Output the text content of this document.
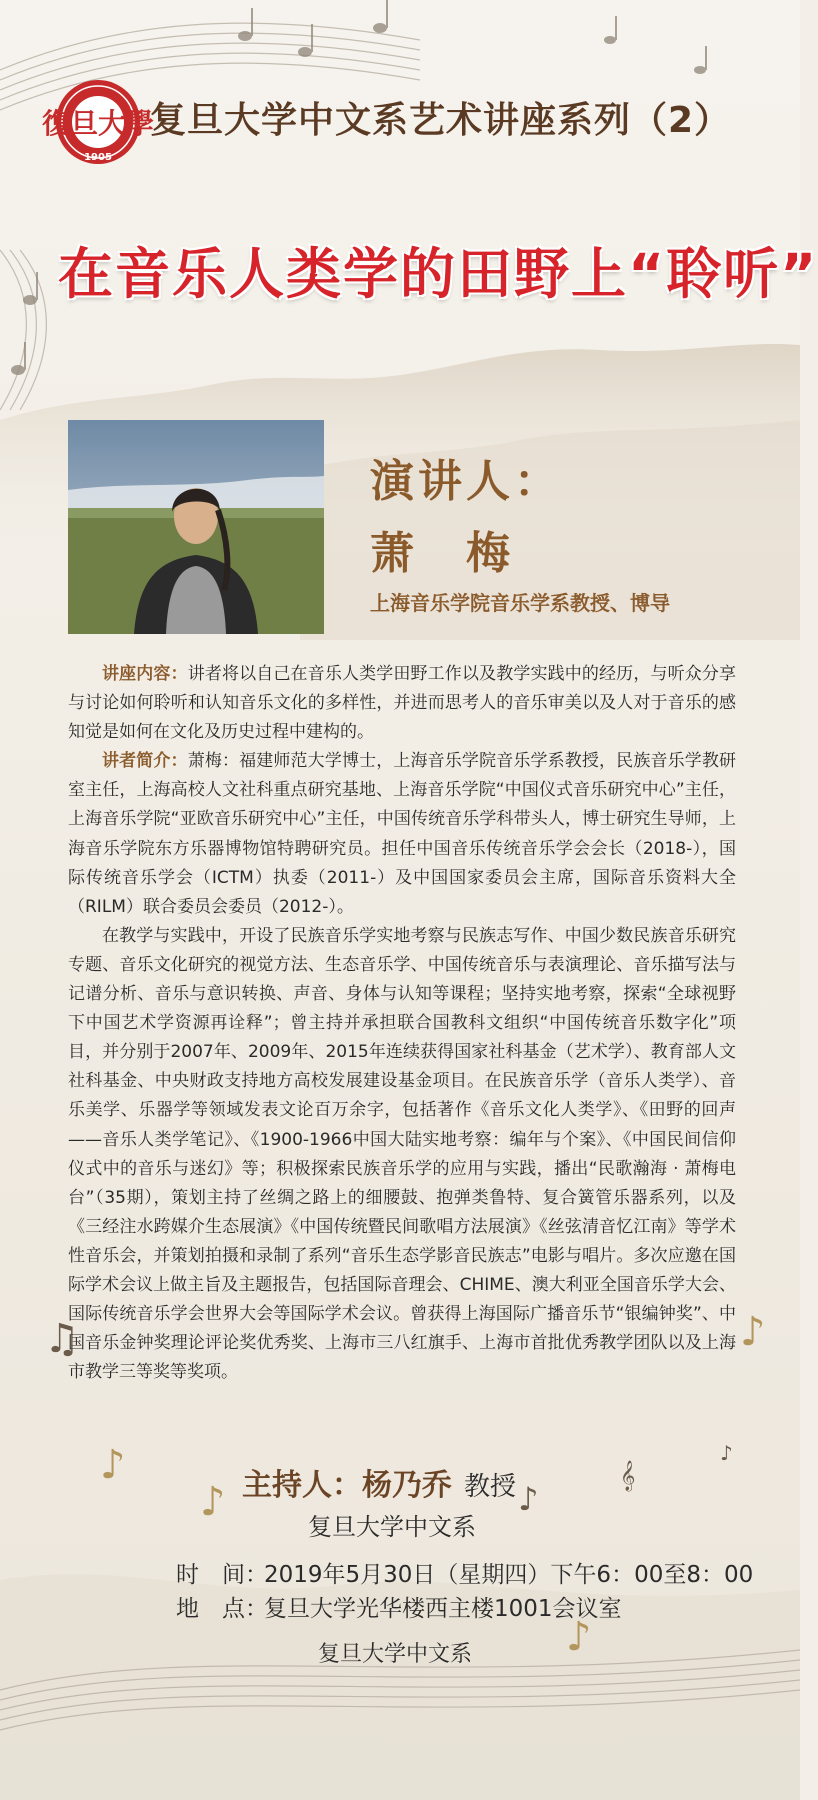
♫
♪
♪
♪
♪
𝄞
♪
♪
復旦大學
1905
复旦大学中文系艺术讲座系列（2）
在音乐人类学的田野上“聆听”
演讲人：
萧　梅
上海音乐学院音乐学系教授、博导

讲座内容：讲者将以自己在音乐人类学田野工作以及教学实践中的经历，与听众分享与讨论如何聆听和认知音乐文化的多样性，并进而思考人的音乐审美以及人对于音乐的感知觉是如何在文化及历史过程中建构的。

讲者简介：萧梅：福建师范大学博士，上海音乐学院音乐学系教授，民族音乐学教研室主任，上海高校人文社科重点研究基地、上海音乐学院“中国仪式音乐研究中心”主任，上海音乐学院“亚欧音乐研究中心”主任，中国传统音乐学科带头人，博士研究生导师，上海音乐学院东方乐器博物馆特聘研究员。担任中国音乐传统音乐学会会长（2018-），国际传统音乐学会（ICTM）执委（2011-）及中国国家委员会主席，国际音乐资料大全（RILM）联合委员会委员（2012-）。

在教学与实践中，开设了民族音乐学实地考察与民族志写作、中国少数民族音乐研究专题、音乐文化研究的视觉方法、生态音乐学、中国传统音乐与表演理论、音乐描写法与记谱分析、音乐与意识转换、声音、身体与认知等课程；坚持实地考察，探索“全球视野下中国艺术学资源再诠释”；曾主持并承担联合国教科文组织“中国传统音乐数字化”项目，并分别于2007年、2009年、2015年连续获得国家社科基金（艺术学）、教育部人文社科基金、中央财政支持地方高校发展建设基金项目。在民族音乐学（音乐人类学）、音乐美学、乐器学等领域发表文论百万余字，包括著作《音乐文化人类学》、《田野的回声——音乐人类学笔记》、《1900-1966中国大陆实地考察：编年与个案》、《中国民间信仰仪式中的音乐与迷幻》等；积极探索民族音乐学的应用与实践，播出“民歌瀚海 · 萧梅电台”（35期），策划主持了丝绸之路上的细腰鼓、抱弹类鲁特、复合簧管乐器系列，以及《三经注水跨媒介生态展演》《中国传统暨民间歌唱方法展演》《丝弦清音忆江南》等学术性音乐会，并策划拍摄和录制了系列“音乐生态学影音民族志”电影与唱片。多次应邀在国际学术会议上做主旨及主题报告，包括国际音理会、CHIME、澳大利亚全国音乐学大会、国际传统音乐学会世界大会等国际学术会议。曾获得上海国际广播音乐节“银编钟奖”、中国音乐金钟奖理论评论奖优秀奖、上海市三八红旗手、上海市首批优秀教学团队以及上海市教学三等奖等奖项。

主持人：杨乃乔 教授
复旦大学中文系
时　间：2019年5月30日（星期四）下午6：00至8：00
地　点：复旦大学光华楼西主楼1001会议室
复旦大学中文系
